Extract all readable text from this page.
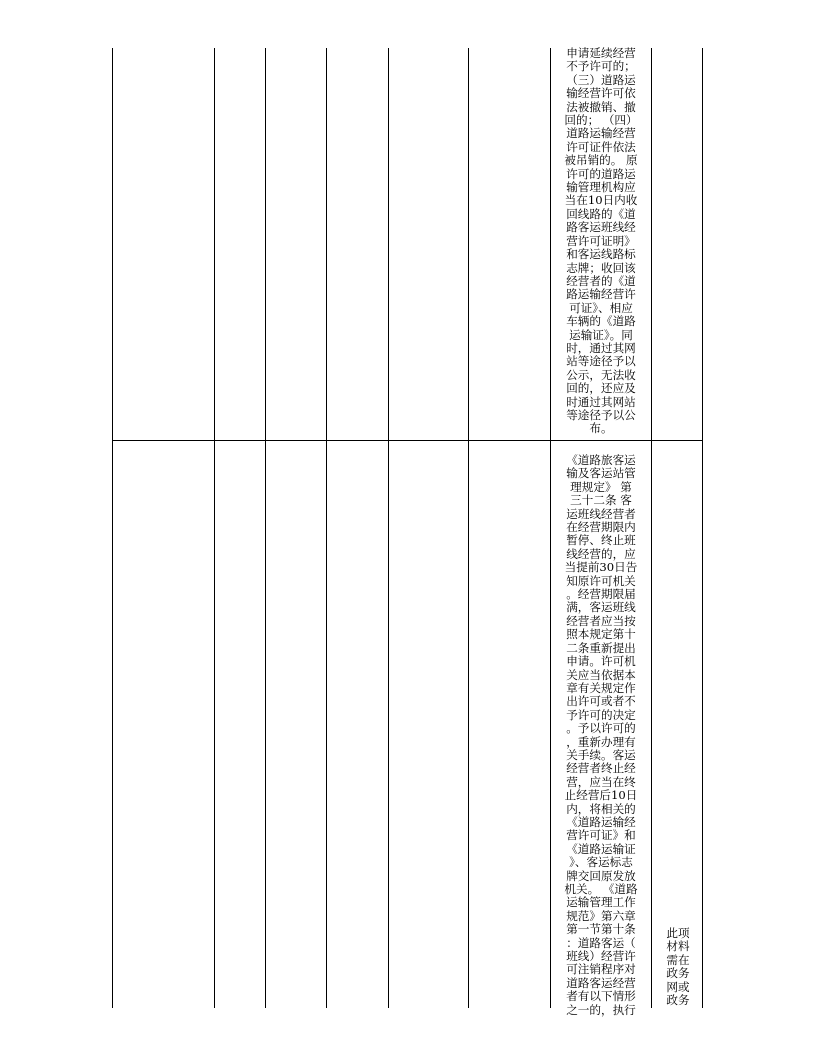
申请延续经营
不予许可的；
（三）道路运
输经营许可依
法被撤销、撤
回的； （四）
道路运输经营
许可证件依法
被吊销的。 原
许可的道路运
输管理机构应
当在10日内收
回线路的《道
路客运班线经
营许可证明》
和客运线路标
志牌；收回该
经营者的《道
路运输经营许
可证》、相应
车辆的《道路
运输证》。同
时，通过其网
站等途径予以
公示，无法收
回的，还应及
时通过其网站
等途径予以公
布。
《道路旅客运
输及客运站管
理规定》 第
三十二条 客
运班线经营者
在经营期限内
暂停、终止班
线经营的，应
当提前30日告
知原许可机关
。经营期限届
满，客运班线
经营者应当按
照本规定第十
二条重新提出
申请。许可机
关应当依据本
章有关规定作
出许可或者不
予许可的决定
。予以许可的
，重新办理有
关手续。客运
经营者终止经
营，应当在终
止经营后10日
内，将相关的
《道路运输经
营许可证》和
《道路运输证
》、客运标志
牌交回原发放
机关。 《道路
运输管理工作
规范》第六章
第一节第十条
：道路客运（
班线）经营许
可注销程序对
道路客运经营
者有以下情形
之一的，执行
此项
材料
需在
政务
网或
政务
